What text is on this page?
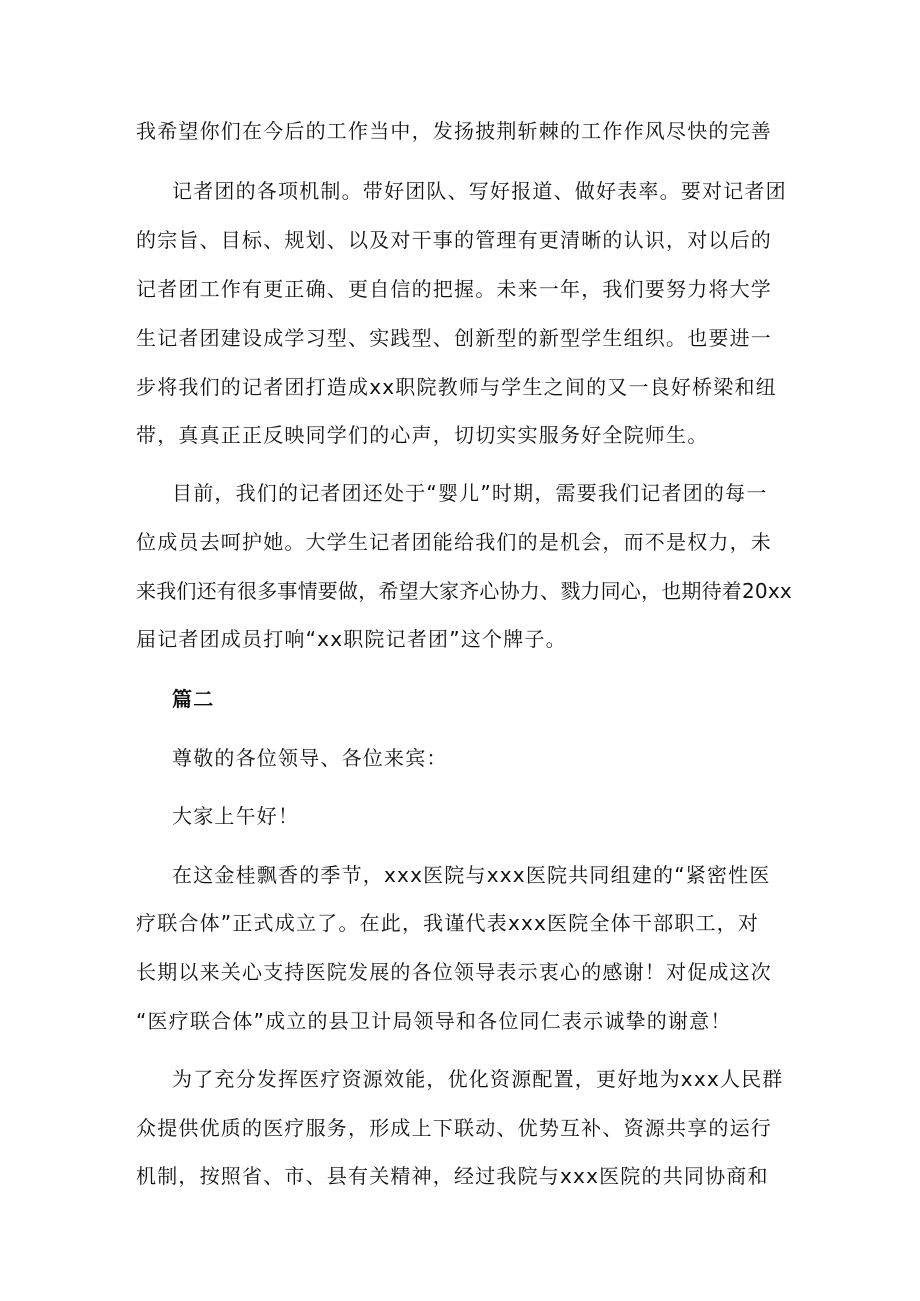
我希望你们在今后的工作当中，发扬披荆斩棘的工作作风尽快的完善
记者团的各项机制。带好团队、写好报道、做好表率。要对记者团
的宗旨、目标、规划、以及对干事的管理有更清晰的认识，对以后的
记者团工作有更正确、更自信的把握。未来一年，我们要努力将大学
生记者团建设成学习型、实践型、创新型的新型学生组织。也要进一
步将我们的记者团打造成xx职院教师与学生之间的又一良好桥梁和纽
带，真真正正反映同学们的心声，切切实实服务好全院师生。
目前，我们的记者团还处于“婴儿”时期，需要我们记者团的每一
位成员去呵护她。大学生记者团能给我们的是机会，而不是权力，未
来我们还有很多事情要做，希望大家齐心协力、戮力同心，也期待着20xx
届记者团成员打响“xx职院记者团”这个牌子。
篇二
尊敬的各位领导、各位来宾：
大家上午好！
在这金桂飘香的季节，xxx医院与xxx医院共同组建的“紧密性医
疗联合体”正式成立了。在此，我谨代表xxx医院全体干部职工，对
长期以来关心支持医院发展的各位领导表示衷心的感谢！对促成这次
“医疗联合体”成立的县卫计局领导和各位同仁表示诚挚的谢意！
为了充分发挥医疗资源效能，优化资源配置，更好地为xxx人民群
众提供优质的医疗服务，形成上下联动、优势互补、资源共享的运行
机制，按照省、市、县有关精神，经过我院与xxx医院的共同协商和
